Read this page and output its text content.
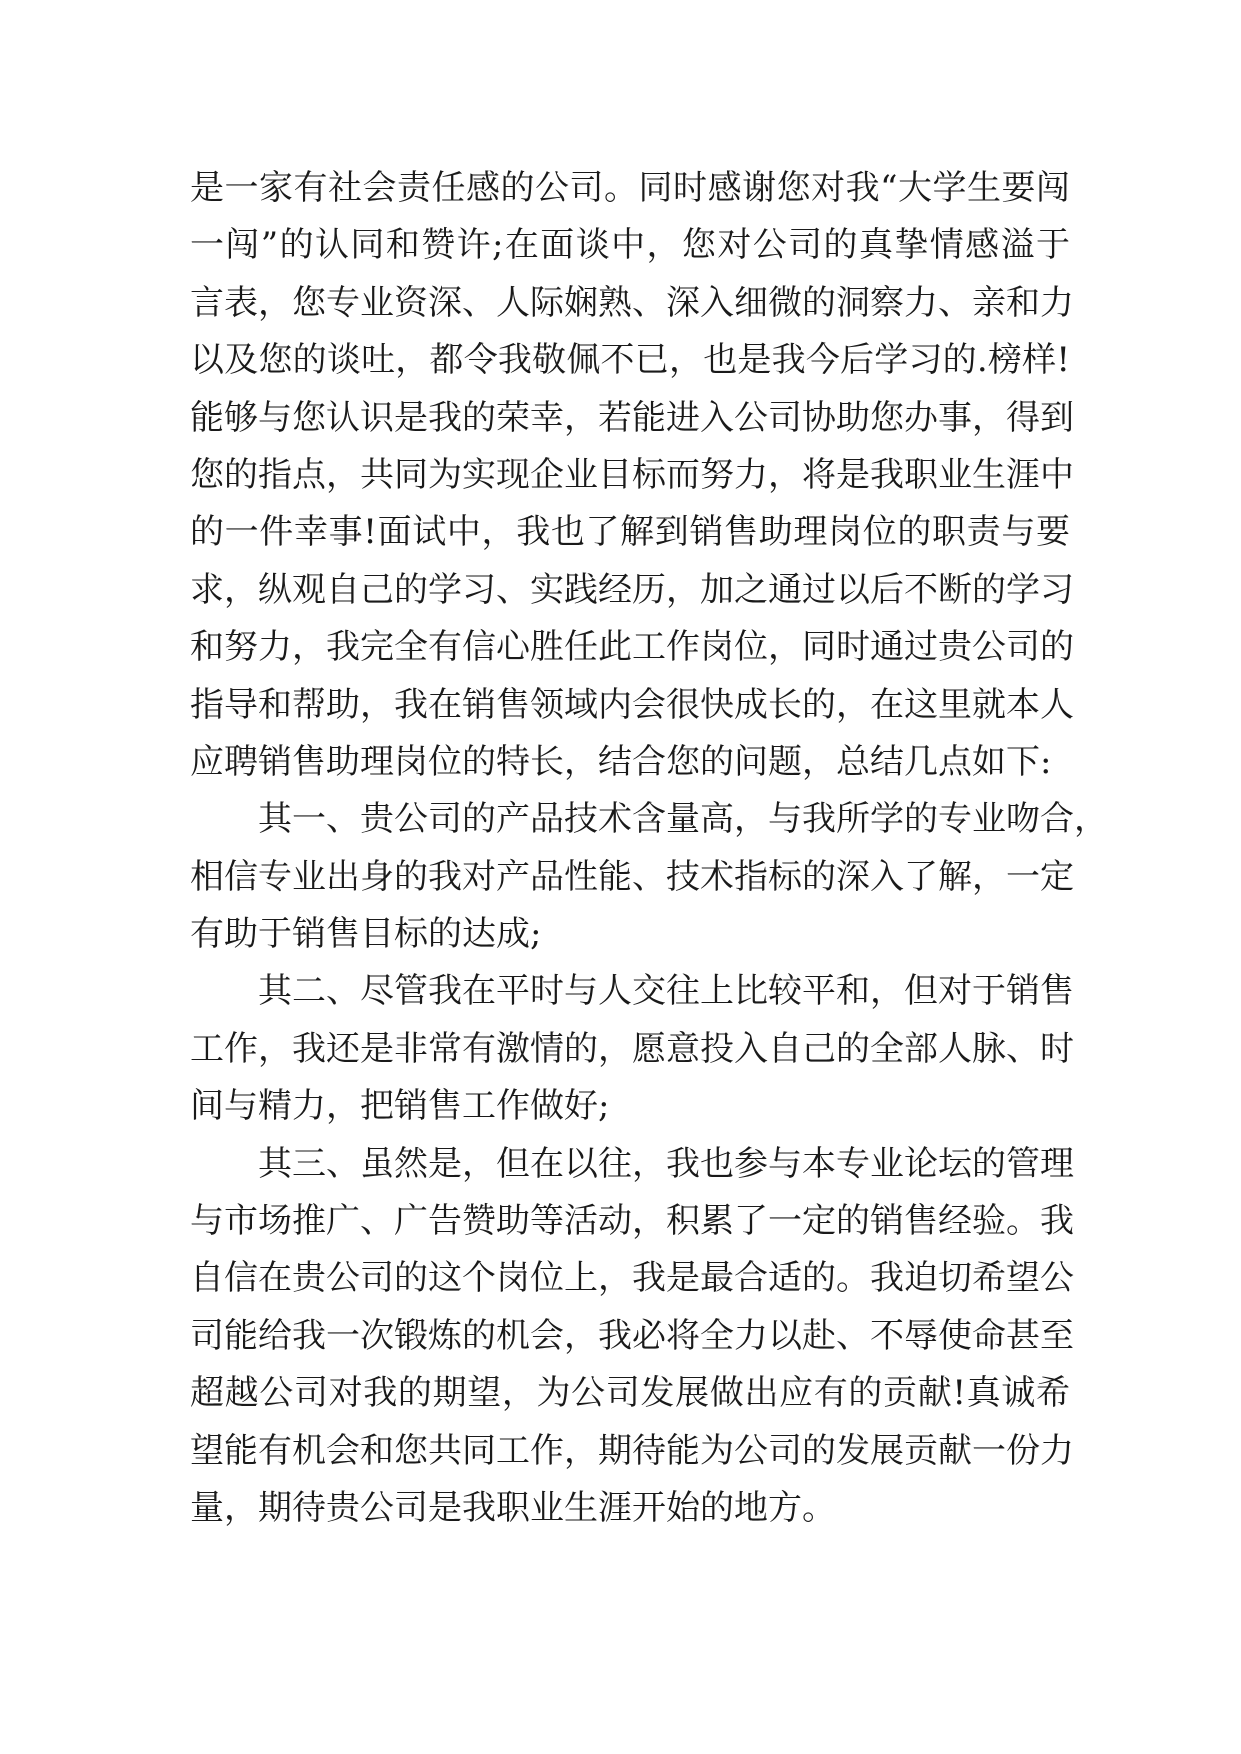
是一家有社会责任感的公司。同时感谢您对我“大学生要闯
一闯”的认同和赞许;在面谈中，您对公司的真挚情感溢于
言表，您专业资深、人际娴熟、深入细微的洞察力、亲和力
以及您的谈吐，都令我敬佩不已，也是我今后学习的.榜样!
能够与您认识是我的荣幸，若能进入公司协助您办事，得到
您的指点，共同为实现企业目标而努力，将是我职业生涯中
的一件幸事!面试中，我也了解到销售助理岗位的职责与要
求，纵观自己的学习、实践经历，加之通过以后不断的学习
和努力，我完全有信心胜任此工作岗位，同时通过贵公司的
指导和帮助，我在销售领域内会很快成长的，在这里就本人
应聘销售助理岗位的特长，结合您的问题，总结几点如下:
其一、贵公司的产品技术含量高，与我所学的专业吻合，
相信专业出身的我对产品性能、技术指标的深入了解，一定
有助于销售目标的达成;
其二、尽管我在平时与人交往上比较平和，但对于销售
工作，我还是非常有激情的，愿意投入自己的全部人脉、时
间与精力，把销售工作做好;
其三、虽然是，但在以往，我也参与本专业论坛的管理
与市场推广、广告赞助等活动，积累了一定的销售经验。我
自信在贵公司的这个岗位上，我是最合适的。我迫切希望公
司能给我一次锻炼的机会，我必将全力以赴、不辱使命甚至
超越公司对我的期望，为公司发展做出应有的贡献!真诚希
望能有机会和您共同工作，期待能为公司的发展贡献一份力
量，期待贵公司是我职业生涯开始的地方。
